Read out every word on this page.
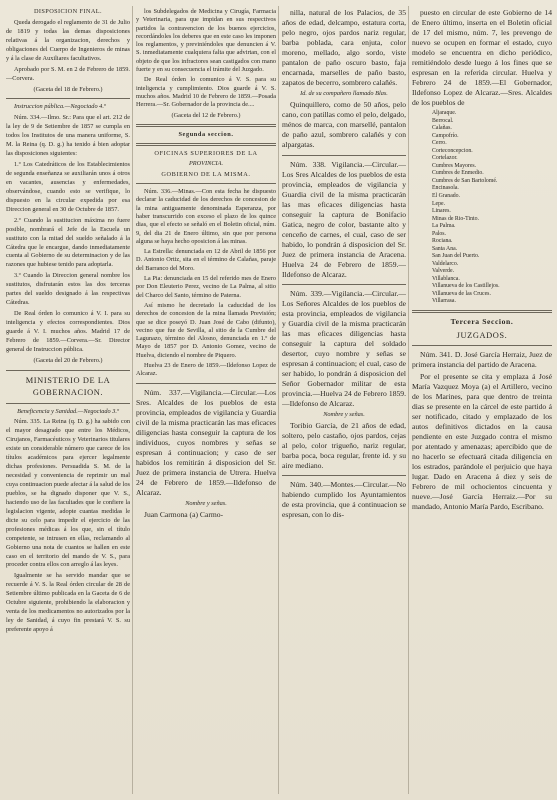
DISPOSICION FINAL.

Queda derogado el reglamento de 31 de Julio de 1819 y todas las demas disposiciones relativas á la organizacion, derechos y obligaciones del Cuerpo de Ingenieros de minas y á la clase de Auxiliares facultativos.

Aprobado por S. M. en 2 de Febrero de 1859.—Corvera.

(Gaceta del 18 de Febrero.)

Instruccion pública.—Negociado 4.º

Núm. 334.—Ilmo. Sr.: Para que el art. 212 de la ley de 9 de Setiembre de 1857 se cumpla en todos los Institutos de una manera uniforme, S. M. la Reina (q. D. g.) ha tenido á bien adoptar las disposiciones siguientes:

1.º Los Catedráticos de los Establecimientos de segunda enseñanza se auxiliarán unos á otros en vacantes, ausencias y enfermedades, observándose, cuando esto se verifique, lo dispuesto en la circular expedida por esa Direccion general en 30 de Octubre de 1857.

2.º Cuando la sustitucion máxima no fuere posible, nombrará el Jefe de la Escuela un sustituto con la mitad del sueldo señalado á la Cátedra que le encargue, dando inmediatamente cuenta al Gobierno de su determinacion y de las razones que hubiese tenido para adoptarla.

3.º Cuando la Direccion general nombre los sustitutos, disfrutarán estos las dos terceras partes del sueldo designado á las respectivas Cátedras.

De Real órden lo comunico á V. I. para su inteligencia y efectos correspondientes. Dios guarde á V. I. muchos años. Madrid 17 de Febrero de 1859.—Corvera.—Sr. Director general de Instruccion pública.

(Gaceta del 20 de Febrero.)

MINISTERIO DE LA GOBERNACION.

Beneficencia y Sanidad.—Negociado 3.º

Núm. 335. La Reina (q. D. g.) ha sabido con el mayor desagrado que entre los Médicos, Cirujanos, Farmacéuticos y Veterinarios titulares existe un considerable número que carece de los títulos académicos para ejercer legalmente dichas profesiones. Persuadida S. M. de la necesidad y conveniencia de reprimir un mal cuya continuacion puede afectar á la salud de los pueblos, se ha dignado disponer que V. S., haciendo uso de las facultades que le confiere la legislacion vigente, adopte cuantas medidas le dicte su celo para impedir el ejercicio de las profesiones médicas á los que, sin el título competente, se intrusen en ellas, reclamando al Gobierno una nota de cuantos se hallen en este caso en el territorio del mando de V. S., para proceder contra ellos con arreglo á las leyes.

Igualmente se ha servido mandar que se recuerde á V. S. la Real órden circular de 28 de Setiembre último publicada en la Gaceta de 6 de Octubre siguiente, prohibiendo la elaboracion y venta de los medicamentos no autorizados por la ley de Sanidad, á cuyo fin prestará V. S. su preferente apoyo á

los Subdelegados de Medicina y Cirugía, Farmacia y Veterinaria, para que impidan en sus respectivos partidos la contravencion de los buenos ejercicios, recordándoles los deberes que en este caso les imponen los reglamentos, y previniéndoles que denuncien á V. S. inmediatamente cualquiera falta que advirtan, con el objeto de que los infractores sean castigados con mano fuerte y en su consecuencia el trámite del Juzgado.

De Real órden lo comunico á V. S. para su inteligencia y cumplimiento. Dios guarde á V. S. muchos años. Madrid 10 de Febrero de 1859.—Posada Herrera.—Sr. Gobernador de la provincia de....

(Gaceta del 12 de Febrero.)

Segunda seccion.

OFICINAS SUPERIORES DE LA

PROVINCIA.

GOBIERNO DE LA MISMA.

Núm. 336.—Minas.—Con esta fecha he dispuesto declarar la caducidad de los derechos de concesion de la mina antiguamente denominada Esperanza, por haber transcurrido con exceso el plazo de los quince dias, que el efecto se señaló en el Boletin oficial, núm. 9, del dia 21 de Enero último, sin que por persona alguna se haya hecho oposicion á las minas.

La Estrella: denunciada en 12 de Abril de 1856 por D. Antonio Ortiz, sita en el término de Calañas, paraje del Barranco del Moro.

La Pia: denunciada en 15 del referido mes de Enero por Don Eleuterio Perez, vecino de La Palma, al sitio del Charco del Santo, término de Paterna.

Así mismo he decretado la caducidad de los derechos de concesion de la mina llamada Previsión; que se dice poseyó D. Juan José de Cabo (difunto), vecino que fue de Sevilla, al sitio de la Cumbre del Lagunazo, término del Alosno, denunciada en 1.º de Mayo de 1857 por D. Antonio Gomez, vecino de Huelva, diciendo el nombre de Piquero.

Huelva 23 de Enero de 1859.—Ildefonso Lopez de Alcaraz.

Núm. 337.—Vigilancia.—Circular.—Los Sres. Alcaldes de los pueblos de esta provincia, empleados de vigilancia y Guardia civil de la misma practicarán las mas eficaces diligencias hasta conseguir la captura de los individuos, cuyos nombres y señas se espresan á continuacion; y caso de ser habidos los remitirán á disposicion del Sr. Juez de primera instancia de Utrera. Huelva 24 de Febrero de 1859.—Ildefonso de Alcaraz.

Nombre y señas.

Juan Carmona (a) Carmo-

nilla, natural de los Palacios, de 35 años de edad, delcampo, estatura corta, pelo negro, ojos pardos nariz regular, barba poblada, cara enjuta, color moreno, mellado, algo sordo, viste pantalon de paño oscuro basto, faja encarnada, marselles de paño basto, zapatos de becerro, sombrero calañés.

Id. de su compañero llamado Blas.

Quinquillero, como de 50 años, pelo cano, con patillas como el pelo, delgado, ménos de marca, con marsellé, pantalon de paño azul, sombrero calañés y con alpargatas.

Núm. 338. Vigilancia.—Circular.—Los Sres Alcaldes de los pueblos de esta provincia, empleados de vigilancia y Guardia civil de la misma practicarán las mas eficaces diligencias hasta conseguir la captura de Bonifacio Gatica, negro de color, bastante alto y cenceño de carnes, el cual, caso de ser habido, lo pondrán á disposicion del Sr. Juez de primera instancia de Aracena. Huelva 24 de Febrero de 1859.—Ildefonso de Alcaraz.

Núm. 339.—Vigilancia.—Circular.—Los Señores Alcaldes de los pueblos de esta provincia, empleados de vigilancia y Guardia civil de la misma practicarán las mas eficaces diligencias hasta conseguir la captura del soldado desertor, cuyo nombre y señas se espresan á continuacion; el cual, caso de ser habido, lo pondrán á disposicion del Señor Gobernador militar de esta provincia.—Huelva 24 de Febrero 1859.—Ildefonso de Alcaraz.

Nombre y señas.

Toribio García, de 21 años de edad, soltero, pelo castaño, ojos pardos, cejas al pelo, color trigueño, nariz regular, barba poca, boca regular, frente id. y su aire mediano.

Núm. 340.—Montes.—Circular.—No habiendo cumplido los Ayuntamientos de esta provincia, que á continuacion se espresan, con lo dis-

puesto en circular de este Gobierno de 14 de Enero último, inserta en el Boletin oficial de 17 del mismo, núm. 7, les prevengo de nuevo se ocupen en formar el estado, cuyo modelo se encuentra en dicho periódico, remitiéndolo desde luego á los fines que se espresan en la referida circular. Huelva y Febrero 24 de 1859.—El Gobernador, Ildefonso Lopez de Alcaraz.—Sres. Alcaldes de los pueblos de

Aljaraque.
Berrocal.
Calañas.
Campofrío.
Cerro.
Corteconcepcion.
Cortelazor.
Cumbres Mayores.
Cumbres de Enmedio.
Cumbres de San Bartolomé.
Encinasola.
El Granado.
Lepe.
Linares.
Minas de Rio-Tinto.
La Palma.
Palos.
Rociana.
Santa Ana.
San Juan del Puerto.
Valdelarco.
Valverde.
Villablanca.
Villanueva de los Castillejos.
Villanueva de las Cruces.
Villarrasa.

Tercera Seccion.

JUZGADOS.

Núm. 341. D. José García Herraiz, Juez de primera instancia del partido de Aracena.

Por el presente se cita y emplaza á José María Vazquez Moya (a) el Artillero, vecino de los Marines, para que dentro de treinta dias se presente en la cárcel de este partido á ser notificado, citado y emplazado de los autos definitivos dictados en la causa pendiente en este Juzgado contra el mismo por atentado y amenazas; apercibido que de no hacerlo se efectuará citada diligencia en los estrados, parándole el perjuicio que haya lugar. Dado en Aracena á diez y seis de Febrero de mil ochocientos cincuenta y nueve.—José García Herraiz.—Por su mandado, Antonio María Pardo, Escribano.
